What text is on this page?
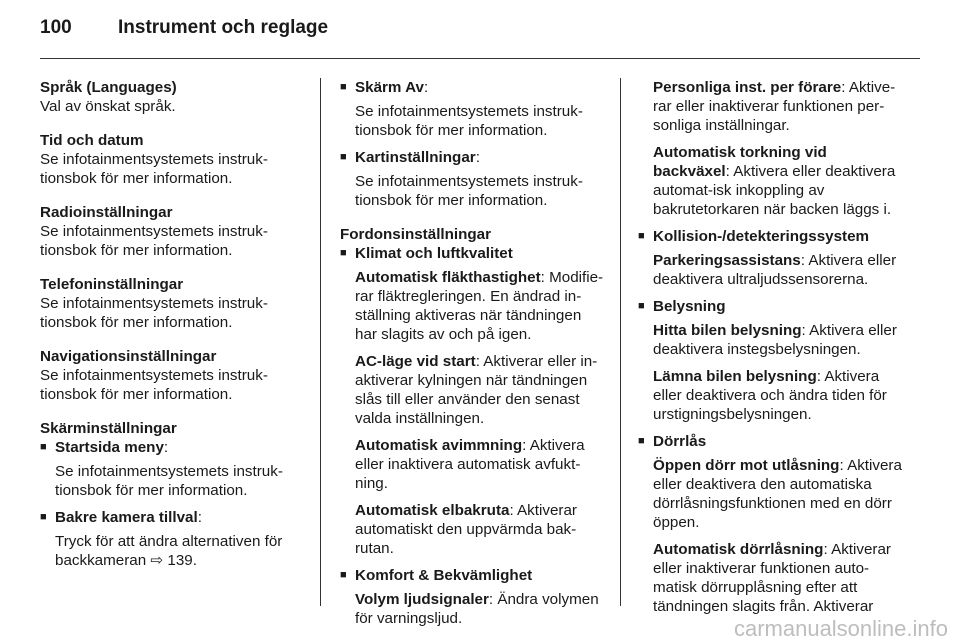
100	Instrument och reglage
Språk (Languages)
Val av önskat språk.
Tid och datum
Se infotainmentsystemets instruk-tionsbok för mer information.
Radioinställningar
Se infotainmentsystemets instruk-tionsbok för mer information.
Telefoninställningar
Se infotainmentsystemets instruk-tionsbok för mer information.
Navigationsinställningar
Se infotainmentsystemets instruk-tionsbok för mer information.
Skärminställningar
■ Startsida meny:
Se infotainmentsystemets instruk-tionsbok för mer information.
■ Bakre kamera tillval:
Tryck för att ändra alternativen för backkameran ⇨ 139.
■ Skärm Av:
Se infotainmentsystemets instruk-tionsbok för mer information.
■ Kartinställningar:
Se infotainmentsystemets instruk-tionsbok för mer information.
Fordonsinställningar
■ Klimat och luftkvalitet
Automatisk fläkthastighet: Modifie-rar fläktregleringen. En ändrad in-ställning aktiveras när tändningen har slagits av och på igen.
AC-läge vid start: Aktiverar eller in-aktiverar kylningen när tändningen slås till eller använder den senast valda inställningen.
Automatisk avimmning: Aktivera eller inaktivera automatisk avfukt-ning.
Automatisk elbakruta: Aktiverar automatiskt den uppvärmda bak-rutan.
■ Komfort & Bekvämlighet
Volym ljudsignaler: Ändra volymen för varningsljud.
Personliga inst. per förare: Aktive-rar eller inaktiverar funktionen per-sonliga inställningar.
Automatisk torkning vid backväxel: Aktivera eller deaktivera automat-isk inkoppling av bakrutetorkaren när backen läggs i.
■ Kollision-/detekteringssystem
Parkeringsassistans: Aktivera eller deaktivera ultraljudssensorerna.
■ Belysning
Hitta bilen belysning: Aktivera eller deaktivera instegsbelysningen.
Lämna bilen belysning: Aktivera eller deaktivera och ändra tiden för urstigningsbelysningen.
■ Dörrlås
Öppen dörr mot utlåsning: Aktivera eller deaktivera den automatiska dörrlåsningsfunktionen med en dörr öppen.
Automatisk dörrlåsning: Aktiverar eller inaktiverar funktionen auto-matisk dörrupplåsning efter att tändningen slagits från. Aktiverar
carmanualsonline.info
